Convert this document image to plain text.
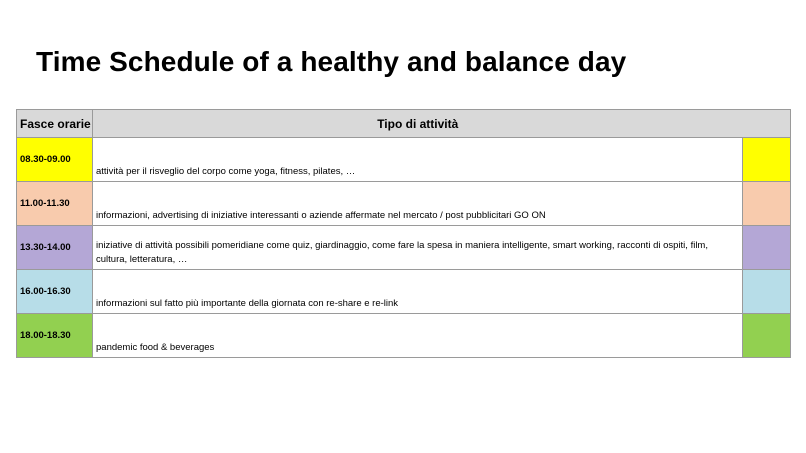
Time Schedule of a healthy and balance day
Fasce orarie	Tipo di attività	
08.30-09.00	attività per il risveglio del corpo come yoga, fitness, pilates, …	
11.00-11.30	informazioni, advertising di iniziative interessanti o aziende affermate nel mercato / post pubblicitari GO ON	
13.30-14.00	iniziative di attività possibili pomeridiane come quiz, giardinaggio, come fare la spesa in maniera intelligente, smart working, racconti di ospiti, film, cultura, letteratura, …	
16.00-16.30	informazioni sul fatto più importante della giornata con re-share e re-link	
18.00-18.30	pandemic food & beverages	
